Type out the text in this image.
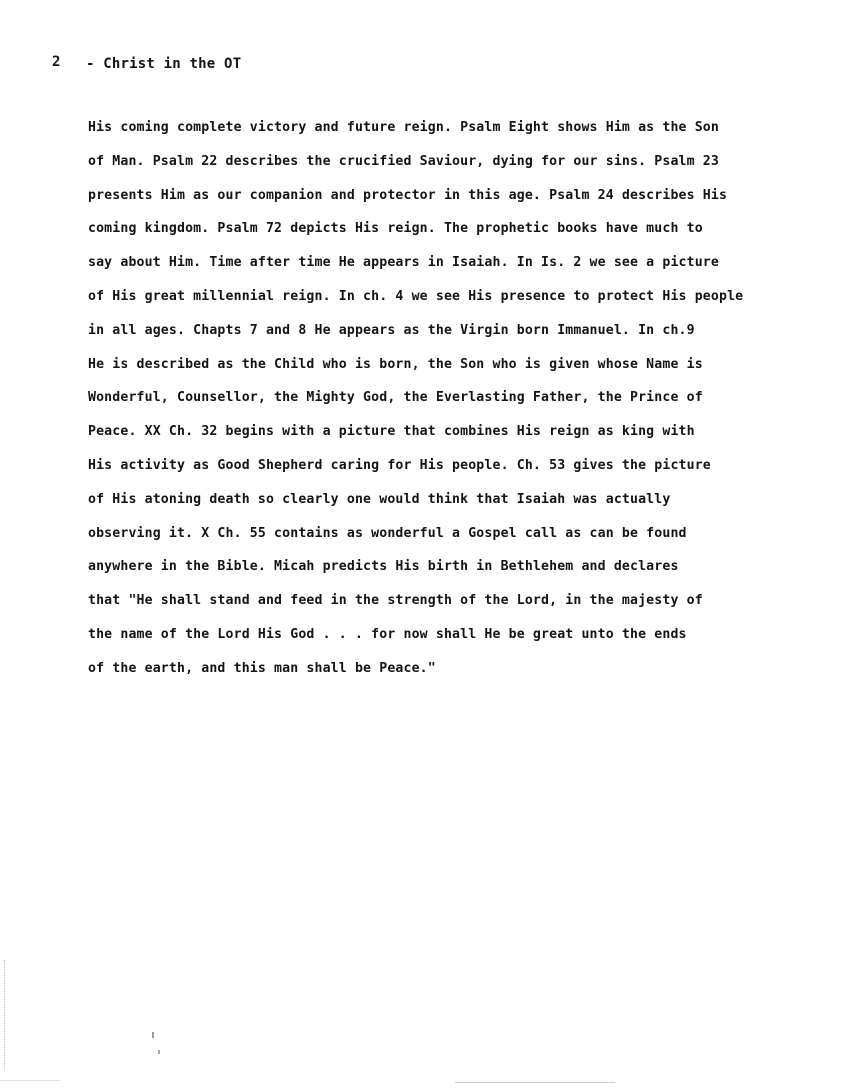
2 - Christ in the OT
His coming complete victory and future reign. Psalm Eight shows Him as the Son
of Man. Psalm 22 describes the crucified Saviour, dying for our sins. Psalm 23
presents Him as our companion and protector in this age. Psalm 24 describes His
coming kingdom. Psalm 72 depicts His reign. The prophetic books have much to
say about Him. Time after time He appears in Isaiah. In Is. 2 we see a picture
of His great millennial reign. In ch. 4 we see His presence to protect His people
in all ages. Chapts 7 and 8 He appears as the Virgin born Immanuel. In ch.9
He is described as the Child who is born, the Son who is given whose Name is
Wonderful, Counsellor, the Mighty God, the Everlasting Father, the Prince of
Peace. XX Ch. 32 begins with a picture that combines His reign as king with
His activity as Good Shepherd caring for His people. Ch. 53 gives the picture
of His atoning death so clearly one would think that Isaiah was actually
observing it. X Ch. 55 contains as wonderful a Gospel call as can be found
anywhere in the Bible. Micah predicts His birth in Bethlehem and declares
that "He shall stand and feed in the strength of the Lord, in the majesty of
the name of the Lord His God . . . for now shall He be great unto the ends
of the earth, and this man shall be Peace."
